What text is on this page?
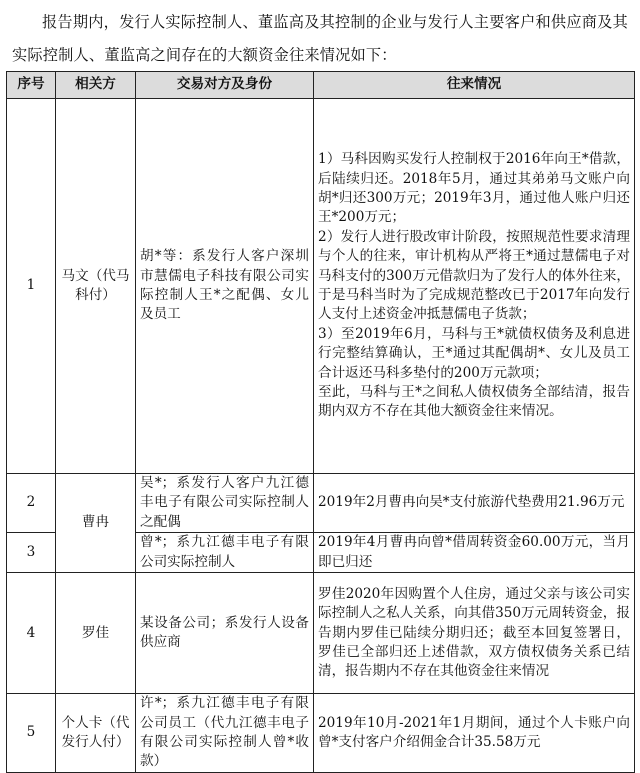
报告期内，发行人实际控制人、董监高及其控制的企业与发行人主要客户和供应商及其实际控制人、董监高之间存在的大额资金往来情况如下：
序号	相关方	交易对方及身份	往来情况
1	马文（代马科付）	胡*等：系发行人客户深圳市慧儒电子科技有限公司实际控制人王*之配偶、女儿及员工	1）马科因购买发行人控制权于2016年向王*借款，后陆续归还。2018年5月，通过其弟弟马文账户向胡*归还300万元；2019年3月，通过他人账户归还王*200万元；
2）发行人进行股改审计阶段，按照规范性要求清理与个人的往来，审计机构从严将王*通过慧儒电子对马科支付的300万元借款归为了发行人的体外往来，于是马科当时为了完成规范整改已于2017年向发行人支付上述资金冲抵慧儒电子货款；
3）至2019年6月，马科与王*就债权债务及利息进行完整结算确认，王*通过其配偶胡*、女儿及员工合计返还马科多垫付的200万元款项；
至此，马科与王*之间私人债权债务全部结清，报告期内双方不存在其他大额资金往来情况。

2	曹冉	吴*；系发行人客户九江德丰电子有限公司实际控制人之配偶	2019年2月曹冉向吴*支付旅游代垫费用21.96万元
3		曾*；系九江德丰电子有限公司实际控制人	2019年4月曹冉向曾*借周转资金60.00万元，当月即已归还
4	罗佳	某设备公司；系发行人设备供应商	罗佳2020年因购置个人住房，通过父亲与该公司实际控制人之私人关系，向其借350万元周转资金，报告期内罗佳已陆续分期归还；截至本回复签署日，罗佳已全部归还上述借款，双方债权债务关系已结清，报告期内不存在其他资金往来情况
5	个人卡（代发行人付）	许*；系九江德丰电子有限公司员工（代九江德丰电子有限公司实际控制人曾*收款）	2019年10月-2021年1月期间，通过个人卡账户向曾*支付客户介绍佣金合计35.58万元
